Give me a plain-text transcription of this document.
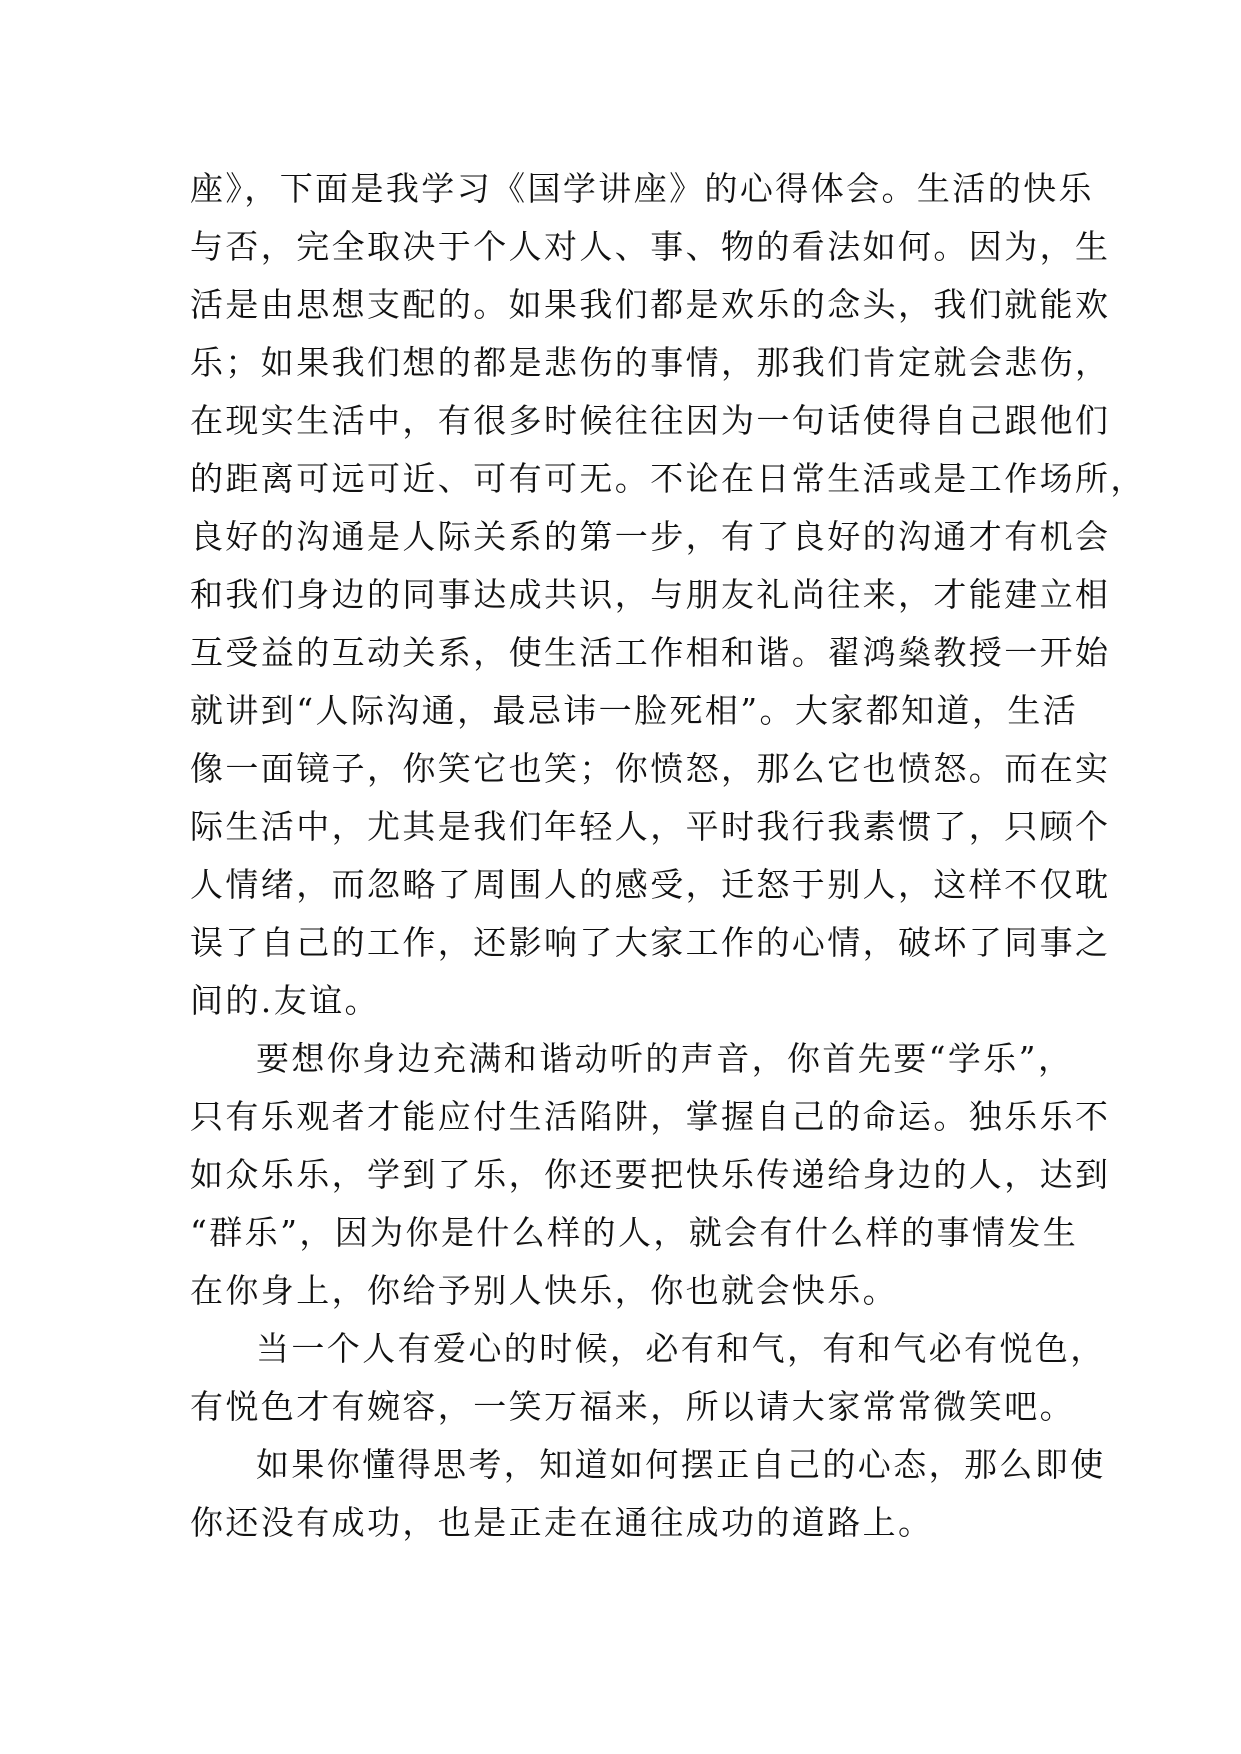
座》，下面是我学习《国学讲座》的心得体会。生活的快乐
与否，完全取决于个人对人、事、物的看法如何。因为，生
活是由思想支配的。如果我们都是欢乐的念头，我们就能欢
乐；如果我们想的都是悲伤的事情，那我们肯定就会悲伤，
在现实生活中，有很多时候往往因为一句话使得自己跟他们
的距离可远可近、可有可无。不论在日常生活或是工作场所，
良好的沟通是人际关系的第一步，有了良好的沟通才有机会
和我们身边的同事达成共识，与朋友礼尚往来，才能建立相
互受益的互动关系，使生活工作相和谐。翟鸿燊教授一开始
就讲到“人际沟通，最忌讳一脸死相”。大家都知道，生活
像一面镜子，你笑它也笑；你愤怒，那么它也愤怒。而在实
际生活中，尤其是我们年轻人，平时我行我素惯了，只顾个
人情绪，而忽略了周围人的感受，迁怒于别人，这样不仅耽
误了自己的工作，还影响了大家工作的心情，破坏了同事之
间的.友谊。
要想你身边充满和谐动听的声音，你首先要“学乐”，
只有乐观者才能应付生活陷阱，掌握自己的命运。独乐乐不
如众乐乐，学到了乐，你还要把快乐传递给身边的人，达到
“群乐”，因为你是什么样的人，就会有什么样的事情发生
在你身上，你给予别人快乐，你也就会快乐。
当一个人有爱心的时候，必有和气，有和气必有悦色，
有悦色才有婉容，一笑万福来，所以请大家常常微笑吧。
如果你懂得思考，知道如何摆正自己的心态，那么即使
你还没有成功，也是正走在通往成功的道路上。
